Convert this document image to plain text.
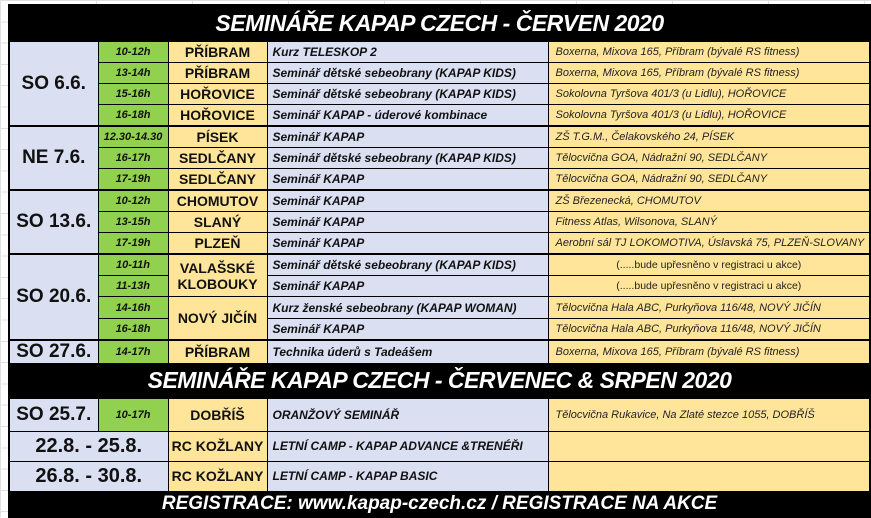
SEMINÁŘE KAPAP CZECH - ČERVEN 2020				
SO 6.6.	10-12h	PŘÍBRAM	Kurz TELESKOP 2	Boxerna, Mixova 165, Příbram (bývalé RS fitness)
	13-14h	PŘÍBRAM	Seminář dětské sebeobrany (KAPAP KIDS)	Boxerna, Mixova 165, Příbram (bývalé RS fitness)
	15-16h	HOŘOVICE	Seminář dětské sebeobrany (KAPAP KIDS)	Sokolovna Tyršova 401/3 (u Lidlu), HOŘOVICE
	16-18h	HOŘOVICE	Seminář KAPAP - úderové kombinace	Sokolovna Tyršova 401/3 (u Lidlu), HOŘOVICE
NE 7.6.	12.30-14.30	PÍSEK	Seminář KAPAP	ZŠ T.G.M., Čelakovského 24, PÍSEK
	16-17h	SEDLČANY	Seminář dětské sebeobrany (KAPAP KIDS)	Tělocvična GOA, Nádražní 90, SEDLČANY
	17-19h	SEDLČANY	Seminář KAPAP	Tělocvična GOA, Nádražní 90, SEDLČANY
SO 13.6.	10-12h	CHOMUTOV	Seminář KAPAP	ZŠ Březenecká, CHOMUTOV
	13-15h	SLANÝ	Seminář KAPAP	Fitness Atlas, Wilsonova, SLANÝ
	17-19h	PLZEŇ	Seminář KAPAP	Aerobní sál TJ LOKOMOTIVA, Úslavská 75, PLZEŇ-SLOVANY
SO 20.6.	10-11h	VALAŠSKÉ KLOBOUKY	Seminář dětské sebeobrany (KAPAP KIDS)	(.....bude upřesněno v registraci u akce)
	11-13h		Seminář KAPAP	(.....bude upřesněno v registraci u akce)
	14-16h	NOVÝ JIČÍN	Kurz ženské sebeobrany (KAPAP WOMAN)	Tělocvična Hala ABC, Purkyňova 116/48, NOVÝ JIČÍN
	16-18h		Seminář KAPAP	Tělocvična Hala ABC, Purkyňova 116/48, NOVÝ JIČÍN
SO 27.6.	14-17h	PŘÍBRAM	Technika úderů s Tadeášem	Boxerna, Mixova 165, Příbram (bývalé RS fitness)
SEMINÁŘE KAPAP CZECH - ČERVENEC & SRPEN 2020				
SO 25.7.	10-17h	DOBŘÍŠ	ORANŽOVÝ SEMINÁŘ	Tělocvična Rukavice, Na Zlaté stezce 1055, DOBŘÍŠ
22.8. - 25.8.		RC KOŽLANY	LETNÍ CAMP - KAPAP ADVANCE &TRENÉŘI	
26.8. - 30.8.		RC KOŽLANY	LETNÍ CAMP - KAPAP BASIC	
REGISTRACE: www.kapap-czech.cz / REGISTRACE NA AKCE				
